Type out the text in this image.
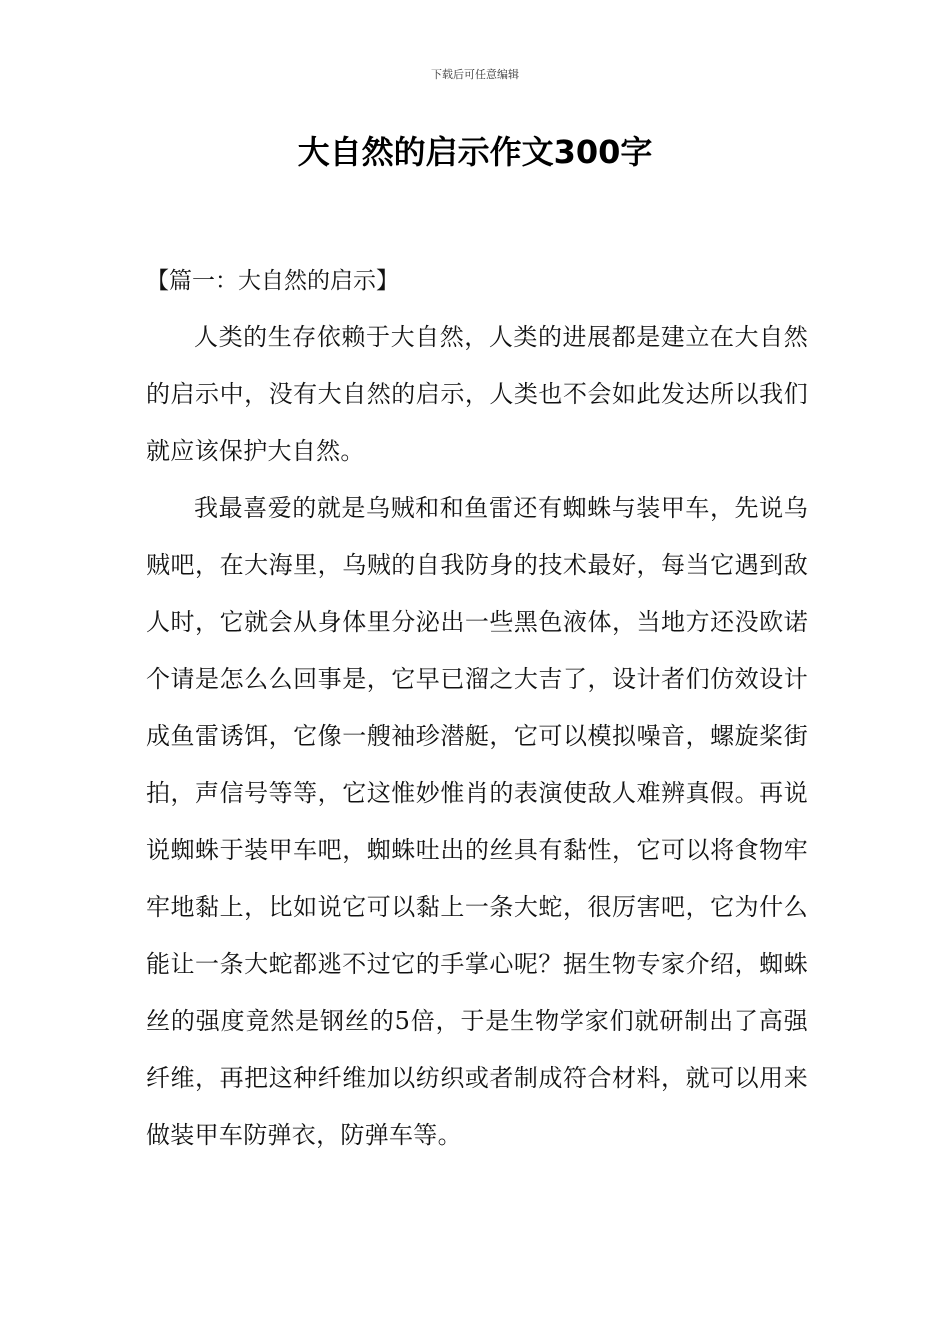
下载后可任意编辑
大自然的启示作文300字
【篇一：大自然的启示】

人类的生存依赖于大自然，人类的进展都是建立在大自然的启示中，没有大自然的启示，人类也不会如此发达所以我们就应该保护大自然。

我最喜爱的就是乌贼和和鱼雷还有蜘蛛与装甲车，先说乌贼吧，在大海里，乌贼的自我防身的技术最好，每当它遇到敌人时，它就会从身体里分泌出一些黑色液体，当地方还没欧诺个请是怎么么回事是，它早已溜之大吉了，设计者们仿效设计成鱼雷诱饵，它像一艘袖珍潜艇，它可以模拟噪音，螺旋桨街拍，声信号等等，它这惟妙惟肖的表演使敌人难辨真假。再说说蜘蛛于装甲车吧，蜘蛛吐出的丝具有黏性，它可以将食物牢牢地黏上，比如说它可以黏上一条大蛇，很厉害吧，它为什么能让一条大蛇都逃不过它的手掌心呢？据生物专家介绍，蜘蛛丝的强度竟然是钢丝的5倍，于是生物学家们就研制出了高强纤维，再把这种纤维加以纺织或者制成符合材料，就可以用来做装甲车防弹衣，防弹车等。
